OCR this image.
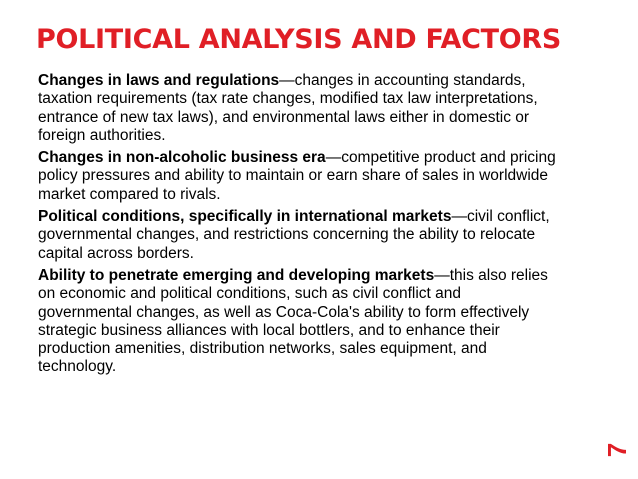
POLITICAL ANALYSIS AND FACTORS

Changes in laws and regulations—changes in accounting standards, taxation requirements (tax rate changes, modified tax law interpretations, entrance of new tax laws), and environmental laws either in domestic or foreign authorities.

Changes in non-alcoholic business era—competitive product and pricing policy pressures and ability to maintain or earn share of sales in worldwide market compared to rivals.

Political conditions, specifically in international markets—civil conflict, governmental changes, and restrictions concerning the ability to relocate capital across borders.

Ability to penetrate emerging and developing markets—this also relies on economic and political conditions, such as civil conflict and governmental changes, as well as Coca-Cola's ability to form effectively strategic business alliances with local bottlers, and to enhance their production amenities, distribution networks, sales equipment, and technology.

7
